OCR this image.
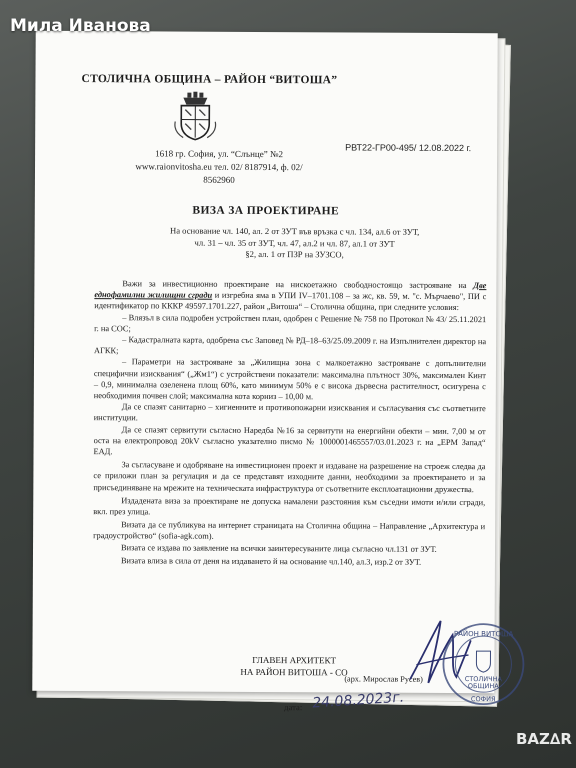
Мила Иванова
СТОЛИЧНА ОБЩИНА – РАЙОН “ВИТОША”
1618 гр. София, ул. “Слънце” №2
www.raionvitosha.eu тел. 02/ 8187914, ф. 02/ 8562960
РВТ22-ГР00-495/ 12.08.2022 г.
ВИЗА ЗА ПРОЕКТИРАНЕ
На основание чл. 140, ал. 2 от ЗУТ във връзка с чл. 134, ал.6 от ЗУТ,
чл. 31 – чл. 35 от ЗУТ, чл. 47, ал.2 и чл. 87, ал.1 от ЗУТ
§2, ал. 1 от ПЗР на ЗУЗСО,

Важи за инвестиционно проектиране на нискоетажно свободностоящо застрояване на Две еднофамилни жилищни сгради и изгребна яма в УПИ IV–1701.108 – за жс, кв. 59, м. "с. Мърчаево", ПИ с идентификатор по КККР 49597.1701.227, район „Витоша“ – Столична община, при следните условия:

– Влязъл в сила подробен устройствен план, одобрен с Решение № 758 по Протокол № 43/ 25.11.2021 г. на СОС;

– Кадастралната карта, одобрена със Заповед № РД–18–63/25.09.2009 г. на Изпълнителен директор на АГКК;

– Параметри на застрояване за „Жилищна зона с малкоетажно застрояване с допълнителни специфични изисквания“ („Жм1“) с устройствени показатели: максимална плътност 30%, максимален Кинт – 0,9, минимална озеленена площ 60%, като минимум 50% е с висока дървесна растителност, осигурена с необходимия почвен слой; максимална кота корниз – 10,00 м.

Да се спазят санитарно – хигиенните и противопожарни изисквания и съгласувания със съответните институции.

Да се спазят сервитути съгласно Наредба №16 за сервитути на енергийни обекти – мин. 7,00 м от оста на електропровод 20kV съгласно указателно писмо № 1000001465557/03.01.2023 г. на „ЕРМ Запад“ ЕАД.

За съгласуване и одобряване на инвестиционен проект и издаване на разрешение на строеж следва да се приложи план за регулация и да се представят изходните данни, необходими за проектирането и за присъединяване на мрежите на техническата инфраструктура от съответните експлоатационни дружества.

Издадената виза за проектиране не допуска намалени разстояния към съседни имоти и/или сгради, вкл. през улица.

Визата да се публикува на интернет страницата на Столична община – Направление „Архитектура и градоустройство“ (sofia-agk.com).

Визата се издава по заявление на всички заинтересуваните лица съгласно чл.131 от ЗУТ.

Визата влиза в сила от деня на издаването й на основание чл.140, ал.3, изр.2 от ЗУТ.

ГЛАВЕН АРХИТЕКТ
НА РАЙОН ВИТОША - СО
(арх. Мирослав Русев)
дата: 24.08.2023г.
РАЙОН ВИТОША
СТОЛИЧНА
ОБЩИНА
СОФИЯ
BAZ∆R
